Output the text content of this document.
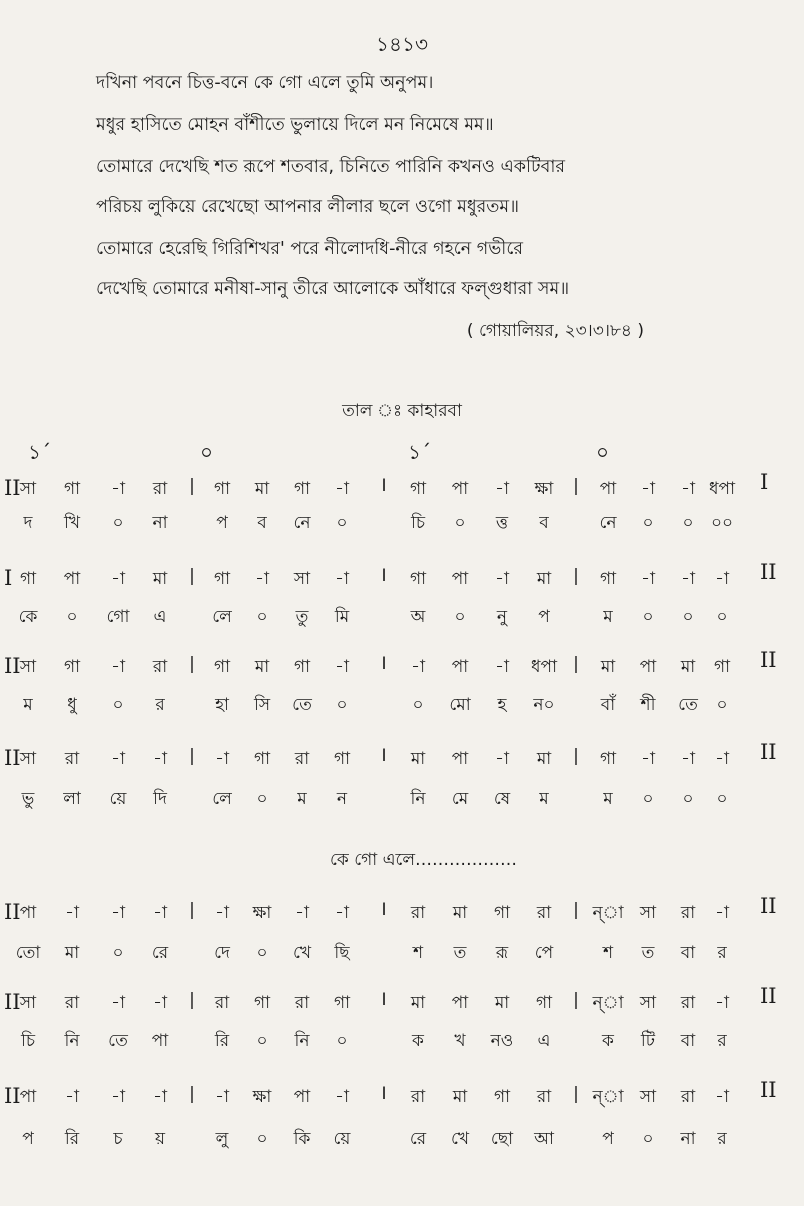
১৪১৩
দখিনা পবনে চিত্ত-বনে কে গো এলে তুমি অনুপম।
মধুর হাসিতে মোহন বাঁশীতে ভুলায়ে দিলে মন নিমেষে মম॥
তোমারে দেখেছি শত রূপে শতবার, চিনিতে পারিনি কখনও একটিবার
পরিচয় লুকিয়ে রেখেছো আপনার লীলার ছলে ওগো মধুরতম॥
তোমারে হেরেছি গিরিশিখর' পরে নীলোদধি-নীরে গহনে গভীরে
দেখেছি তোমারে মনীষা-সানু তীরে আলোকে আঁধারে ফল্গুধারা সম॥
( গোয়ালিয়র, ২৩।৩।৮৪ )
তাল ঃ কাহারবা
১´	০	১´	০
II সা	গা	-া	রা	|	গা	মা	গা	-া	I	গা	পা	-া	ক্ষা	|	পা	-া	-া ধপা	I
দ	খি	০	না	প	ব	নে	০	চি	০	ত্ত	ব	নে	০	০	০০
I গা	পা	-া	মা	|	গা	-া	সা	-া	I	গা	পা	-া	মা	|	গা	-া	-া	-া	II
কে	০	গো	এ	লে	০	তু	মি	অ	০	নু	প	ম	০	০	০
II সা	গা	-া	রা	|	গা	মা	গা	-া	I	-া	পা	-া	ধপা |	মা	পা	মা	গা	II
ম	ধু	০	র	হা	সি	তে	০	০	মো	হ	ন০	বাঁ	শী	তে	০
II সা	রা	-া	-া	|	-া	গা	রা	গা	I	মা	পা	-া	মা	|	গা	-া	-া	-া	II
ভু	লা	য়ে	দি	লে	০	ম	ন	নি	মে	ষে	ম	ম	০	০	০
II পা	-া	-া	-া	|	-া	ক্ষা	-া	-া	I	রা	মা	গা	রা	| ন্া সা	রা	-া	II
তো	মা	০	রে	দে	০	খে	ছি	শ	ত	রূ	পে	শ	ত	বা	র
II সা	রা	-া	-া	|	রা	গা	রা	গা	I	মা	পা	মা	গা	| ন্া সা	রা	-া	II
চি	নি	তে	পা	রি	০	নি	০	ক	খ	নও	এ	ক	টি	বা	র
II পা	-া	-া	-া	|	-া	ক্ষা	পা	-া	I	রা	মা	গা	রা	| ন্া সা	রা	-া	II
প	রি	চ	য়	লু	০	কি	য়ে	রে	খে	ছো	আ	প	০	না	র
কে গো এলে………………
